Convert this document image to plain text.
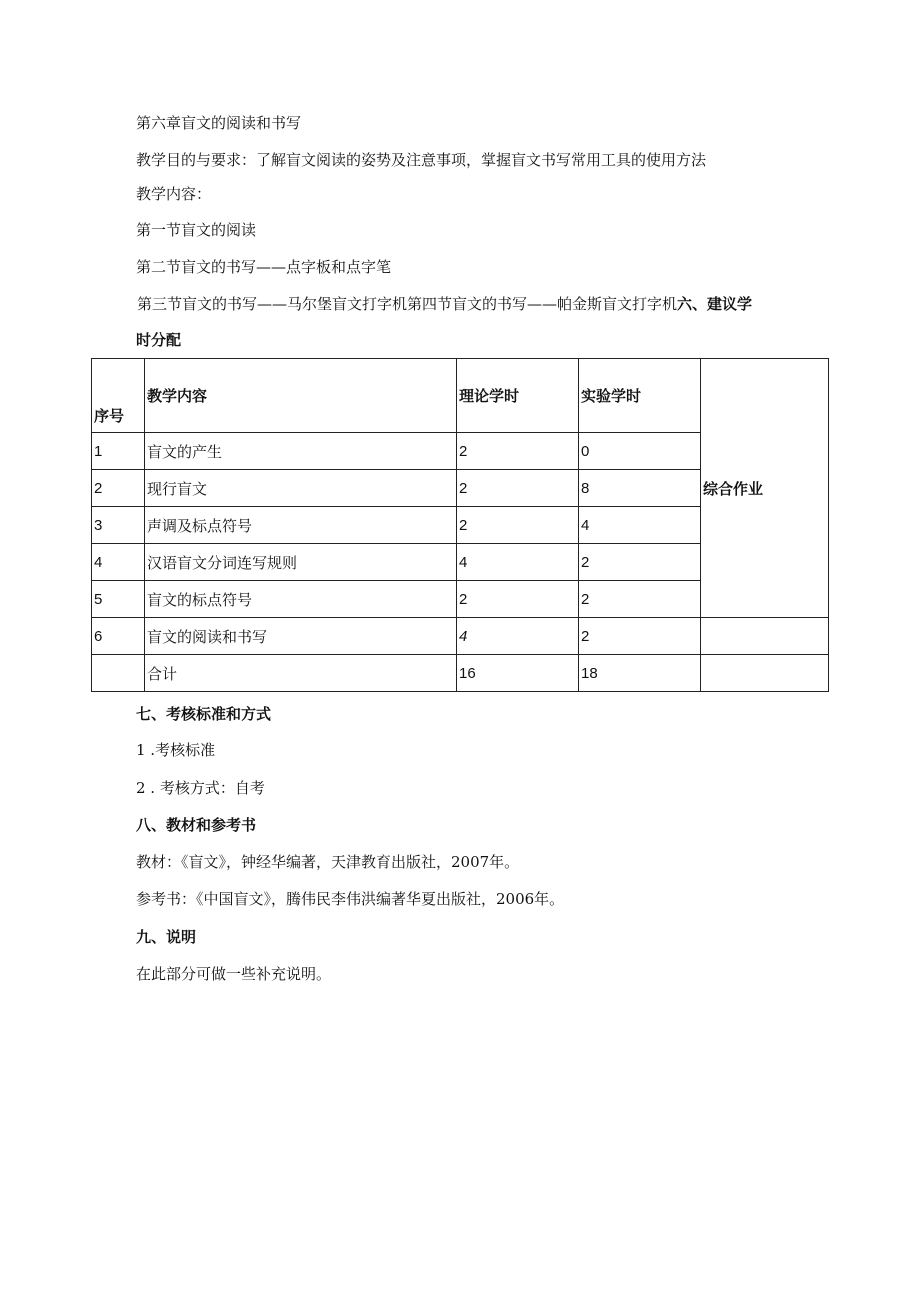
第六章盲文的阅读和书写
教学目的与要求：了解盲文阅读的姿势及注意事项，掌握盲文书写常用工具的使用方法
教学内容：
第一节盲文的阅读
第二节盲文的书写——点字板和点字笔
第三节盲文的书写——马尔堡盲文打字机第四节盲文的书写——帕金斯盲文打字机六、建议学
时分配
序号	教学内容	理论学时	实验学时	综合作业
1	盲文的产生	2	0	
2	现行盲文	2	8	
3	声调及标点符号	2	4	
4	汉语盲文分词连写规则	4	2	
5	盲文的标点符号	2	2	
6	盲文的阅读和书写	4	2	
	合计	16	18	
七、考核标准和方式
1 .考核标准
2 . 考核方式：自考
八、教材和参考书
教材：《盲文》，钟经华编著，天津教育出版社，2007年。
参考书：《中国盲文》，腾伟民李伟洪编著华夏出版社，2006年。
九、说明
在此部分可做一些补充说明。
